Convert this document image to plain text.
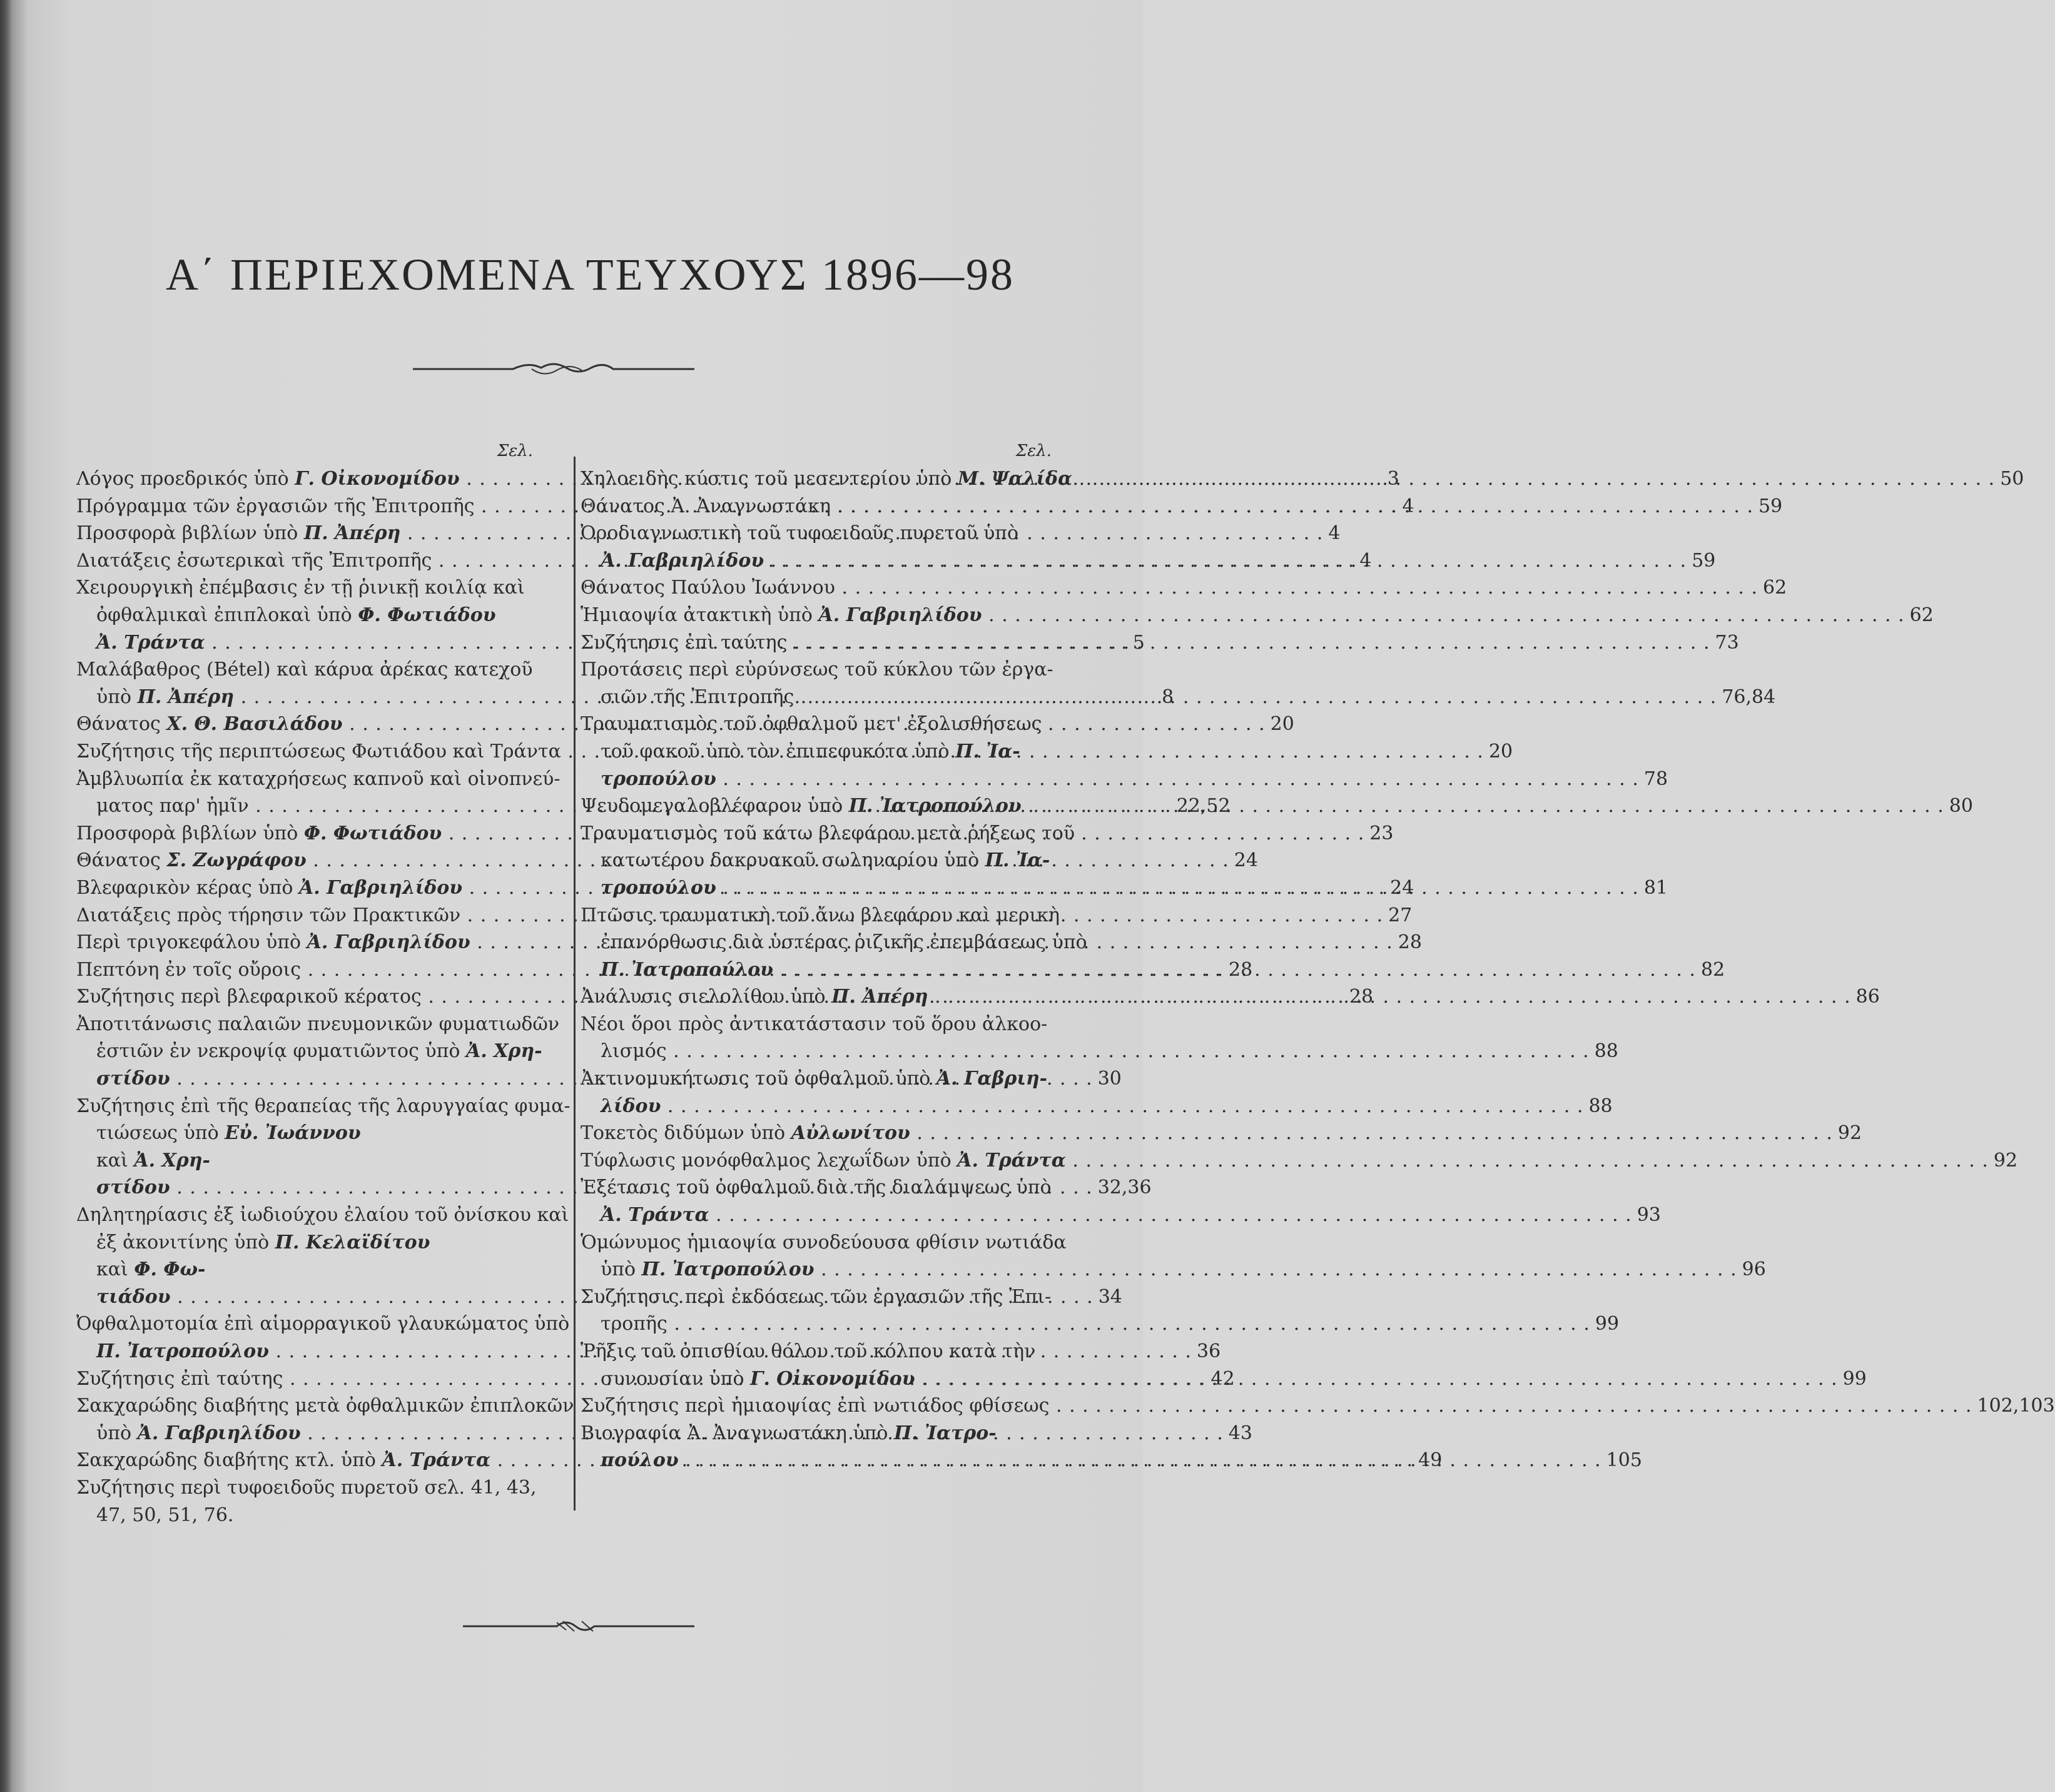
Α΄ ΠΕΡΙΕΧΟΜΕΝΑ ΤΕΥΧΟΥΣ 1896—98
Σελ.
Λόγος προεδρικός ὑπὸ Γ. Οἰκονομίδου . . .	3
Πρόγραμμα τῶν ἐργασιῶν τῆς Ἐπιτροπῆς . . .	4
Προσφορὰ βιβλίων ὑπὸ Π. Ἀπέρη . . .	4
Διατάξεις ἐσωτερικαὶ τῆς Ἐπιτροπῆς . . .	4
Χειρουργικὴ ἐπέμβασις ἐν τῇ ῥινικῇ κοιλίᾳ καὶ
ὀφθαλμικαὶ ἐπιπλοκαὶ ὑπὸ Φ. Φωτιάδου
Ἀ. Τράντα . . .	5
Μαλάβαθρος (Bétel) καὶ κάρυα ἀρέκας κατεχοῦ
ὑπὸ Π. Ἀπέρη . . .	8
Θάνατος Χ. Θ. Βασιλάδου . . .	20
Συζήτησις τῆς περιπτώσεως Φωτιάδου καὶ Τράντα . . .	20
Ἀμβλυωπία ἐκ καταχρήσεως καπνοῦ καὶ οἰνοπνεύ-
ματος παρ' ἡμῖν . . .	22,52
Προσφορὰ βιβλίων ὑπὸ Φ. Φωτιάδου . . .	23
Θάνατος Σ. Ζωγράφου . . .	24
Βλεφαρικὸν κέρας ὑπὸ Ἀ. Γαβριηλίδου . . .	24
Διατάξεις πρὸς τήρησιν τῶν Πρακτικῶν . . .	27
Περὶ τριγοκεφάλου ὑπὸ Ἀ. Γαβριηλίδου . . .	28
Πεπτόνη ἐν τοῖς οὔροις . . .	28
Συζήτησις περὶ βλεφαρικοῦ κέρατος . . .	28
Ἀποτιτάνωσις παλαιῶν πνευμονικῶν φυματιωδῶν
ἑστιῶν ἐν νεκροψίᾳ φυματιῶντος ὑπὸ Ἀ. Χρη-
στίδου . . .	30
Συζήτησις ἐπὶ τῆς θεραπείας τῆς λαρυγγαίας φυμα-
τιώσεως ὑπὸ Εὐ. Ἰωάννου
καὶ Ἀ. Χρη-
στίδου . . .	32,36
Δηλητηρίασις ἐξ ἰωδιούχου ἐλαίου τοῦ ὀνίσκου καὶ
ἐξ ἀκονιτίνης ὑπὸ Π. Κελαϊδίτου
καὶ Φ. Φω-
τιάδου . . .	34
Ὀφθαλμοτομία ἐπὶ αἱμορραγικοῦ γλαυκώματος ὑπὸ
Π. Ἰατροπούλου . . .	36
Συζήτησις ἐπὶ ταύτης . . .	42
Σακχαρώδης διαβήτης μετὰ ὀφθαλμικῶν ἐπιπλοκῶν
ὑπὸ Ἀ. Γαβριηλίδου . . .	43
Σακχαρώδης διαβήτης κτλ. ὑπὸ Ἀ. Τράντα . . .	49
Συζήτησις περὶ τυφοειδοῦς πυρετοῦ σελ. 41, 43,
47, 50, 51, 76.
Σελ.
Χηλοειδὴς κύστις τοῦ μεσεντερίου ὑπὸ Μ. Ψαλίδα . . .	50
Θάνατος Ἀ. Ἀναγνωστάκη . . .	59
Ὀροδιαγνωστικὴ τοῦ τυφοειδοῦς πυρετοῦ ὑπὸ
Ἀ. Γαβριηλίδου . . .	59
Θάνατος Παύλου Ἰωάννου . . .	62
Ἡμιαοψία ἀτακτικὴ ὑπὸ Ἀ. Γαβριηλίδου . . .	62
Συζήτησις ἐπὶ ταύτης . . .	73
Προτάσεις περὶ εὐρύνσεως τοῦ κύκλου τῶν ἐργα-
σιῶν τῆς Ἐπιτροπῆς . . .	76,84
Τραυματισμὸς τοῦ ὀφθαλμοῦ μετ' ἐξολισθήσεως
τοῦ φακοῦ ὑπὸ τὸν ἐπιπεφυκότα ὑπὸ Π. Ἰα-
τροπούλου . . .	78
Ψευδομεγαλοβλέφαρον ὑπὸ Π. Ἰατροπούλου . . .	80
Τραυματισμὸς τοῦ κάτω βλεφάρου μετὰ ῥήξεως τοῦ
κατωτέρου δακρυακοῦ σωληναρίου ὑπὸ Π. Ἰα-
τροπούλου . . .	81
Πτῶσις τραυματικὴ τοῦ ἄνω βλεφάρου καὶ μερικὴ
ἐπανόρθωσις διὰ ὑστέρας ῥιζικῆς ἐπεμβάσεως ὑπὸ
Π. Ἰατροπούλου . . .	82
Ἀνάλυσις σιελολίθου ὑπὸ Π. Ἀπέρη . . .	86
Νέοι ὅροι πρὸς ἀντικατάστασιν τοῦ ὅρου ἀλκοο-
λισμός . . .	88
Ἀκτινομυκήτωσις τοῦ ὀφθαλμοῦ ὑπὸ Ἀ. Γαβριη-
λίδου . . .	88
Τοκετὸς διδύμων ὑπὸ Αὐλωνίτου . . .	92
Τύφλωσις μονόφθαλμος λεχωΐδων ὑπὸ Ἀ. Τράντα . . .	92
Ἐξέτασις τοῦ ὀφθαλμοῦ διὰ τῆς διαλάμψεως ὑπὸ
Ἀ. Τράντα . . .	93
Ὁμώνυμος ἡμιαοψία συνοδεύουσα φθίσιν νωτιάδα
ὑπὸ Π. Ἰατροπούλου . . .	96
Συζήτησις περὶ ἐκδόσεως τῶν ἐργασιῶν τῆς Ἐπι-
τροπῆς . . .	99
Ῥῆξις τοῦ ὀπισθίου θόλου τοῦ κόλπου κατὰ τὴν
συνουσίαν ὑπὸ Γ. Οἰκονομίδου . . .	99
Συζήτησις περὶ ἡμιαοψίας ἐπὶ νωτιάδος φθίσεως . . .	102,103
Βιογραφία Ἀ. Ἀναγνωστάκη ὑπὸ Π. Ἰατρο-
πούλου . . .	105
